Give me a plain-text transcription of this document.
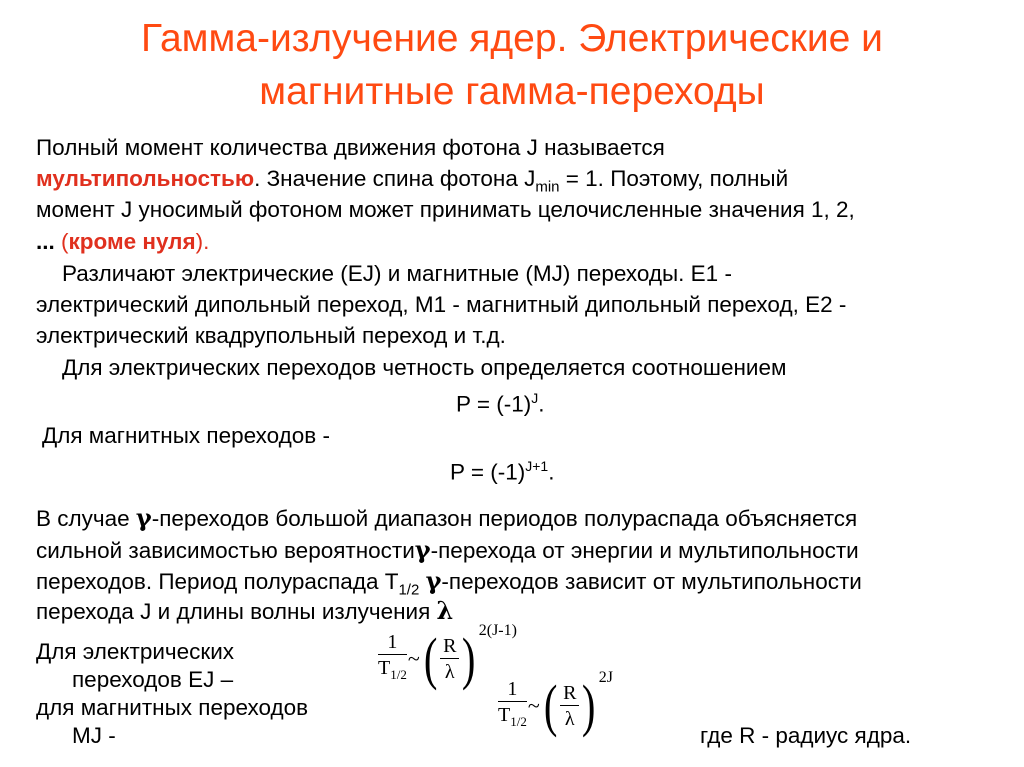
Гамма-излучение ядер. Электрические и
магнитные гамма-переходы
Полный момент количества движения фотона J называется
мультипольностью. Значение спина фотона $J_{min} = 1$. Поэтому, полный
момент J уносимый фотоном может принимать целочисленные значения 1, 2,
... (кроме нуля).
Различают электрические (EJ) и магнитные (MJ) переходы. E1 -
электрический дипольный переход, M1 - магнитный дипольный переход, E2 -
электрический квадрупольный переход и т.д.
Для электрических переходов четность определяется соотношением
$P = (-1)^J$.
Для магнитных переходов -
$P = (-1)^{J+1}$.
В случае γ-переходов большой диапазон периодов полураспада объясняется
сильной зависимостью вероятностиγ-перехода от энергии и мультипольности
переходов. Период полураспада $T_{1/2}$ γ-переходов зависит от мультипольности
перехода J и длины волны излучения λ
Для электрических
переходов EJ –
для магнитных переходов
MJ -	где R - радиус ядра.
$\frac{1}{T_{1/2}}$ ~( $\frac{R}{\lambda}$ ) 2(J-1)
$\frac{1}{T_{1/2}}$ ~( $\frac{R}{\lambda}$ ) 2J
